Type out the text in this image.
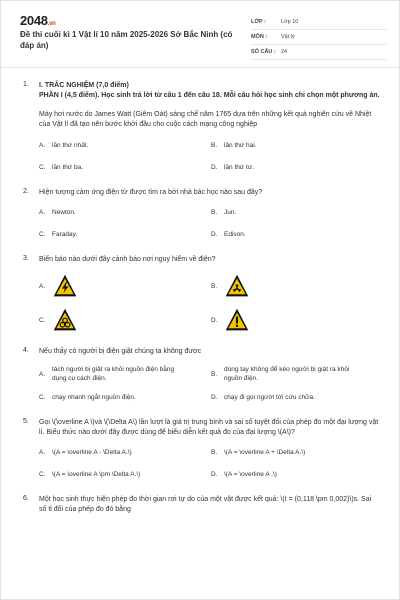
2048.vn
Đề thi cuối kì 1 Vật lí 10 năm 2025-2026 Sở Bắc Ninh (có đáp án)
LỚP :	Lớp 10
MÔN :	Vật lý
SỐ CÂU : 24
1.	I. TRẮC NGHIỆM (7,0 điểm)
PHẦN I (4,5 điểm). Học sinh trả lời từ câu 1 đến câu 18. Mỗi câu hỏi học sinh chỉ chọn một phương án.
Máy hơi nước do James Watt (Giêm Oát) sáng chế năm 1765 dựa trên những kết quả nghiên cứu về Nhiệt của Vật lí đã tạo nên bước khởi đầu cho cuộc cách mạng công nghiệp
A.	lần thứ nhất.	B.	lần thứ hai.
C.	lần thứ ba.	D.	lần thứ tư.
2.	Hiện tượng cảm ứng điện từ được tìm ra bởi nhà bác học nào sau đây?
A.	Newton.	B.	Jun.
C.	Faraday.	D.	Edison.
3.	Biển báo nào dưới đây cảnh báo nơi nguy hiểm về điện?
A.	B.
C.	D.
4.	Nếu thấy có người bị điện giật chúng ta không được
A.
tách người bị giật ra khỏi nguồn điện bằng dụng cụ cách điện.
B.
dùng tay không để kéo người bị giật ra khỏi nguồn điện.
C.	chạy nhanh ngắt nguồn điện.	D.	chạy đi gọi người tới cứu chữa.
5.	Gọi \(\overline A \)và \(\Delta A\) lần lượt là giá trị trung bình và sai số tuyệt đối của phép đo một đại lượng vật lí. Biểu thức nào dưới đây được dùng để biểu diễn kết quả đo của đại lượng \(A\)?
A.	\(A = \overline A - \Delta A.\)	B.	\(A = \overline A + \Delta A.\)
C.	\(A = \overline A \pm \Delta A.\)	D.	\(A = \overline A .\)
6.	Một học sinh thực hiện phép đo thời gian rơi tự do của một vật được kết quả: \(t = (0,118 \pm 0,002)\)s. Sai số tỉ đối của phép đo đó bằng
